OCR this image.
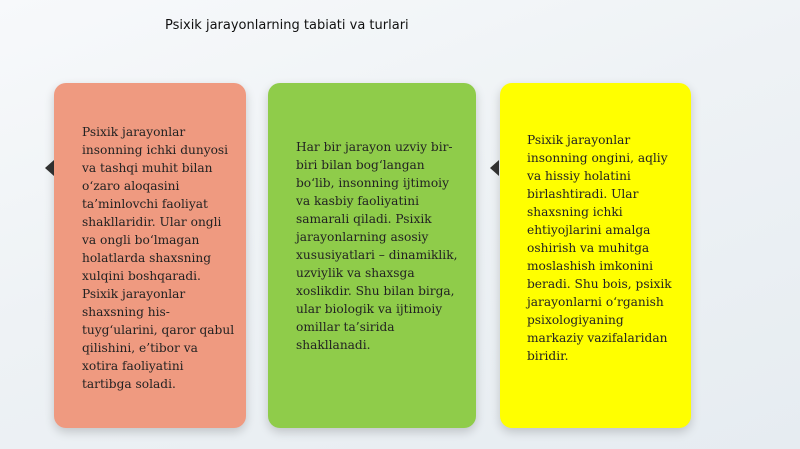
Psixik jarayonlarning tabiati va turlari

Psixik jarayonlar insonning ichki dunyosi va tashqi muhit bilan o‘zaro aloqasini ta’minlovchi faoliyat shakllaridir. Ular ongli va ongli bo‘lmagan holatlarda shaxsning xulqini boshqaradi. Psixik jarayonlar shaxsning his-tuyg‘ularini, qaror qabul qilishini, e’tibor va xotira faoliyatini tartibga soladi.

Har bir jarayon uzviy bir-biri bilan bog‘langan bo‘lib, insonning ijtimoiy va kasbiy faoliyatini samarali qiladi. Psixik jarayonlarning asosiy xususiyatlari – dinamiklik, uzviylik va shaxsga xoslikdir. Shu bilan birga, ular biologik va ijtimoiy omillar ta’sirida shakllanadi.

Psixik jarayonlar insonning ongini, aqliy va hissiy holatini birlashtiradi. Ular shaxsning ichki ehtiyojlarini amalga oshirish va muhitga moslashish imkonini beradi. Shu bois, psixik jarayonlarni o‘rganish psixologiyaning markaziy vazifalaridan biridir.
